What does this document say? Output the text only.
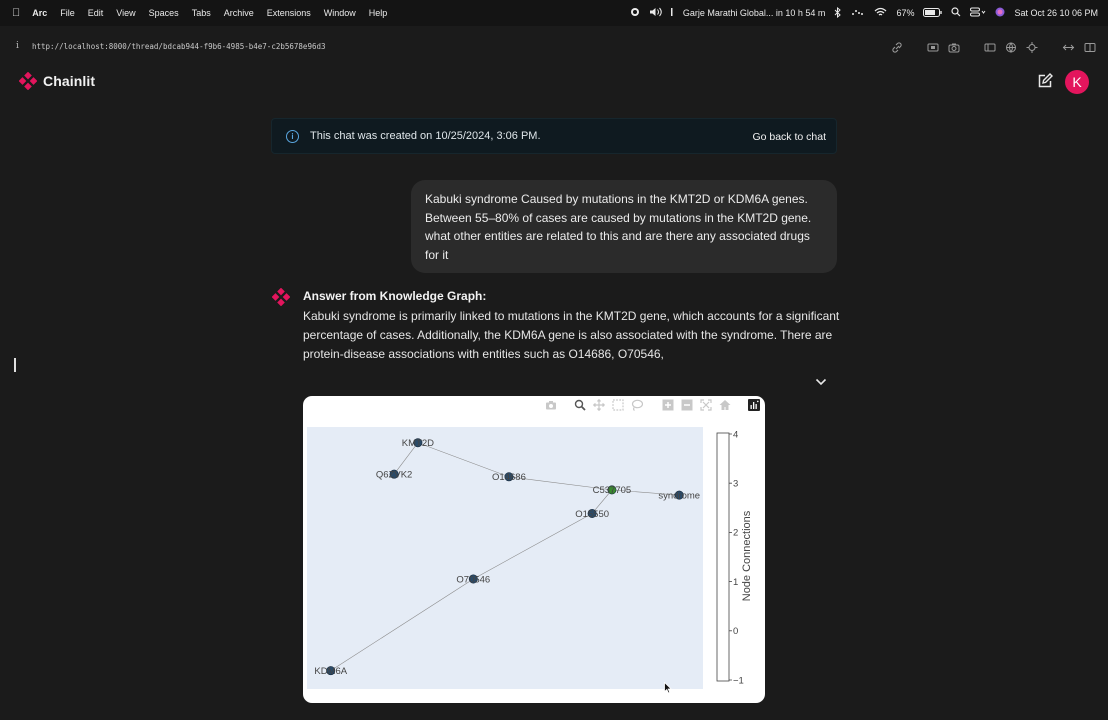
Arc File Edit View Spaces Tabs Archive Extensions Window Help	Garje Marathi Global... in 10 h 54 m	67%	Sat Oct 26 10 06 PM
i	http://localhost:8000/thread/bdcab944-f9b6-4985-b4e7-c2b5678e96d3
Chainlit	K
i	This chat was created on 10/25/2024, 3:06 PM.	Go back to chat
Kabuki syndrome Caused by mutations in the KMT2D or KDM6A genes. Between 55–80% of cases are caused by mutations in the KMT2D gene. what other entities are related to this and are there any associated drugs for it
Answer from Knowledge Graph:
Kabuki syndrome is primarily linked to mutations in the KMT2D gene, which accounts for a significant percentage of cases. Additionally, the KDM6A gene is also associated with the syndrome. There are protein-disease associations with entities such as O14686, O70546,
KMT2D
Q6ZVK2	O14686
C537705	syndrome
O15550
O70546
KDM6A
4
3
2
1
0
−1
Node Connections
